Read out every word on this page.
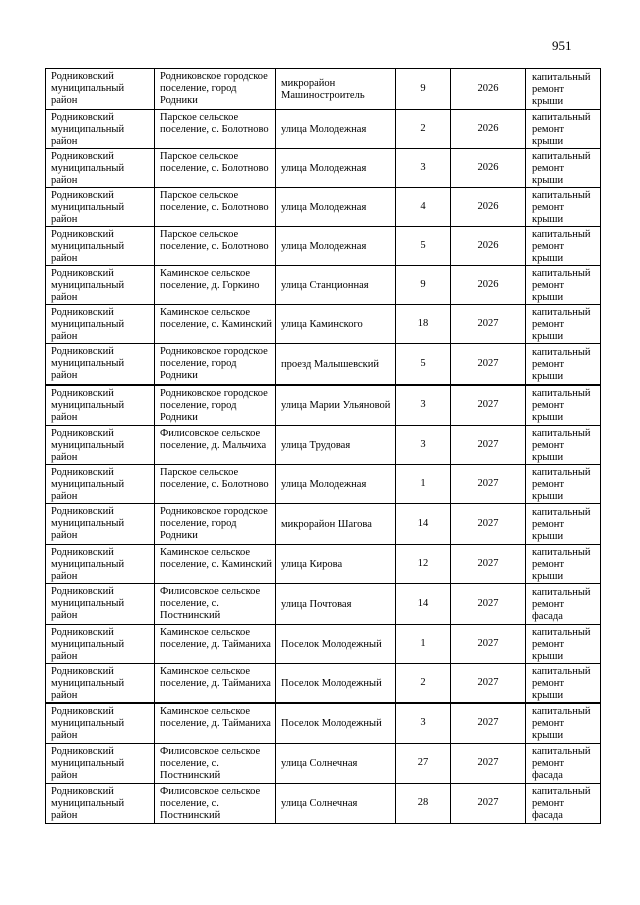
951
Родниковский муниципальный район	Родниковское городское поселение, город Родники	микрорайон Машиностроитель	9	2026	капитальный ремонт крыши
Родниковский муниципальный район	Парское сельское поселение, с. Болотново	улица Молодежная	2	2026	капитальный ремонт крыши
Родниковский муниципальный район	Парское сельское поселение, с. Болотново	улица Молодежная	3	2026	капитальный ремонт крыши
Родниковский муниципальный район	Парское сельское поселение, с. Болотново	улица Молодежная	4	2026	капитальный ремонт крыши
Родниковский муниципальный район	Парское сельское поселение, с. Болотново	улица Молодежная	5	2026	капитальный ремонт крыши
Родниковский муниципальный район	Каминское сельское поселение, д. Горкино	улица Станционная	9	2026	капитальный ремонт крыши
Родниковский муниципальный район	Каминское сельское поселение, с. Каминский	улица Каминского	18	2027	капитальный ремонт крыши
Родниковский муниципальный район	Родниковское городское поселение, город Родники	проезд Малышевский	5	2027	капитальный ремонт крыши
Родниковский муниципальный район	Родниковское городское поселение, город Родники	улица Марии Ульяновой	3	2027	капитальный ремонт крыши
Родниковский муниципальный район	Филисовское сельское поселение, д. Мальчиха	улица Трудовая	3	2027	капитальный ремонт крыши
Родниковский муниципальный район	Парское сельское поселение, с. Болотново	улица Молодежная	1	2027	капитальный ремонт крыши
Родниковский муниципальный район	Родниковское городское поселение, город Родники	микрорайон Шагова	14	2027	капитальный ремонт крыши
Родниковский муниципальный район	Каминское сельское поселение, с. Каминский	улица Кирова	12	2027	капитальный ремонт крыши
Родниковский муниципальный район	Филисовское сельское поселение, с. Постнинский	улица Почтовая	14	2027	капитальный ремонт фасада
Родниковский муниципальный район	Каминское сельское поселение, д. Тайманиха	Поселок Молодежный	1	2027	капитальный ремонт крыши
Родниковский муниципальный район	Каминское сельское поселение, д. Тайманиха	Поселок Молодежный	2	2027	капитальный ремонт крыши
Родниковский муниципальный район	Каминское сельское поселение, д. Тайманиха	Поселок Молодежный	3	2027	капитальный ремонт крыши
Родниковский муниципальный район	Филисовское сельское поселение, с. Постнинский	улица Солнечная	27	2027	капитальный ремонт фасада
Родниковский муниципальный район	Филисовское сельское поселение, с. Постнинский	улица Солнечная	28	2027	капитальный ремонт фасада
